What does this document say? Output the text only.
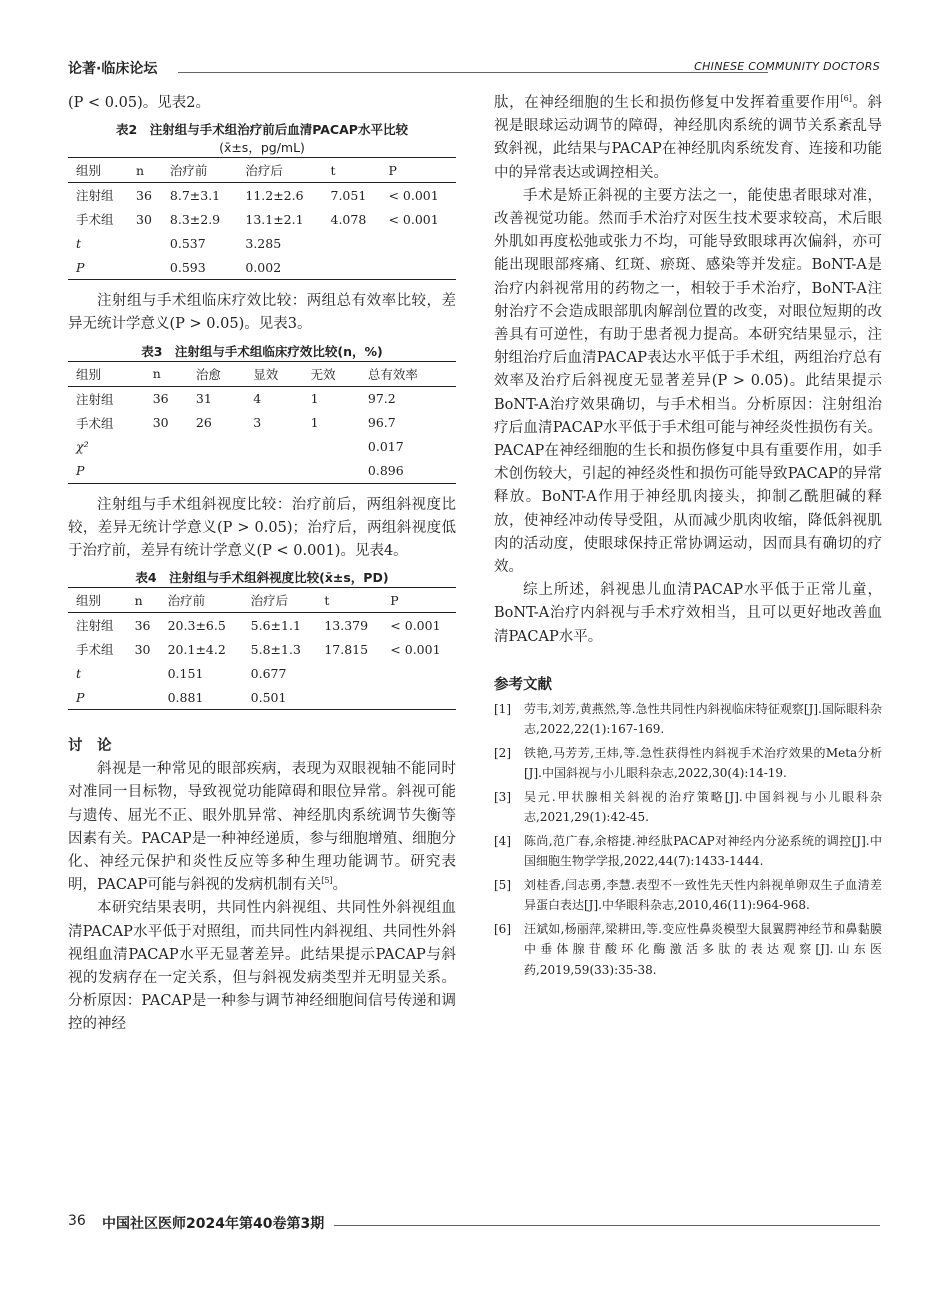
论著·临床论坛	CHINESE COMMUNITY DOCTORS

(P < 0.05)。见表2。

表2　注射组与手术组治疗前后血清PACAP水平比较
(x̄±s，pg/mL)
组别	n	治疗前	治疗后	t	P
注射组	36	8.7±3.1	11.2±2.6	7.051	< 0.001
手术组	30	8.3±2.9	13.1±2.1	4.078	< 0.001
t		0.537	3.285		
P		0.593	0.002		

注射组与手术组临床疗效比较：两组总有效率比较，差异无统计学意义(P > 0.05)。见表3。

表3　注射组与手术组临床疗效比较(n，%)
组别	n	治愈	显效	无效	总有效率
注射组	36	31	4	1	97.2
手术组	30	26	3	1	96.7
χ²					0.017
P					0.896

注射组与手术组斜视度比较：治疗前后，两组斜视度比较，差异无统计学意义(P > 0.05)；治疗后，两组斜视度低于治疗前，差异有统计学意义(P < 0.001)。见表4。

表4　注射组与手术组斜视度比较(x̄±s，PD)
组别	n	治疗前	治疗后	t	P
注射组	36	20.3±6.5	5.6±1.1	13.379	< 0.001
手术组	30	20.1±4.2	5.8±1.3	17.815	< 0.001
t		0.151	0.677		
P		0.881	0.501		
讨　论

斜视是一种常见的眼部疾病，表现为双眼视轴不能同时对准同一目标物，导致视觉功能障碍和眼位异常。斜视可能与遗传、屈光不正、眼外肌异常、神经肌肉系统调节失衡等因素有关。PACAP是一种神经递质，参与细胞增殖、细胞分化、神经元保护和炎性反应等多种生理功能调节。研究表明，PACAP可能与斜视的发病机制有关[5]。

本研究结果表明，共同性内斜视组、共同性外斜视组血清PACAP水平低于对照组，而共同性内斜视组、共同性外斜视组血清PACAP水平无显著差异。此结果提示PACAP与斜视的发病存在一定关系，但与斜视发病类型并无明显关系。分析原因：PACAP是一种参与调节神经细胞间信号传递和调控的神经

肽，在神经细胞的生长和损伤修复中发挥着重要作用[6]。斜视是眼球运动调节的障碍，神经肌肉系统的调节关系紊乱导致斜视，此结果与PACAP在神经肌肉系统发育、连接和功能中的异常表达或调控相关。

手术是矫正斜视的主要方法之一，能使患者眼球对准，改善视觉功能。然而手术治疗对医生技术要求较高，术后眼外肌如再度松弛或张力不均，可能导致眼球再次偏斜，亦可能出现眼部疼痛、红斑、瘀斑、感染等并发症。BoNT-A是治疗内斜视常用的药物之一，相较于手术治疗，BoNT-A注射治疗不会造成眼部肌肉解剖位置的改变，对眼位短期的改善具有可逆性，有助于患者视力提高。本研究结果显示，注射组治疗后血清PACAP表达水平低于手术组，两组治疗总有效率及治疗后斜视度无显著差异(P > 0.05)。此结果提示BoNT-A治疗效果确切，与手术相当。分析原因：注射组治疗后血清PACAP水平低于手术组可能与神经炎性损伤有关。PACAP在神经细胞的生长和损伤修复中具有重要作用，如手术创伤较大，引起的神经炎性和损伤可能导致PACAP的异常释放。BoNT-A作用于神经肌肉接头，抑制乙酰胆碱的释放，使神经冲动传导受阻，从而减少肌肉收缩，降低斜视肌肉的活动度，使眼球保持正常协调运动，因而具有确切的疗效。

综上所述，斜视患儿血清PACAP水平低于正常儿童，BoNT-A治疗内斜视与手术疗效相当，且可以更好地改善血清PACAP水平。

参考文献
[1]	劳韦,刘芳,黄燕然,等.急性共同性内斜视临床特征观察[J].国际眼科杂志,2022,22(1):167-169.
[2]	铁艳,马芳芳,王炜,等.急性获得性内斜视手术治疗效果的Meta分析[J].中国斜视与小儿眼科杂志,2022,30(4):14-19.
[3]	吴元.甲状腺相关斜视的治疗策略[J].中国斜视与小儿眼科杂志,2021,29(1):42-45.
[4]	陈尚,范广春,余榕捷.神经肽PACAP对神经内分泌系统的调控[J].中国细胞生物学学报,2022,44(7):1433-1444.
[5]	刘桂香,闫志勇,李慧.表型不一致性先天性内斜视单卵双生子血清差异蛋白表达[J].中华眼科杂志,2010,46(11):964-968.
[6]	汪斌如,杨丽萍,梁耕田,等.变应性鼻炎模型大鼠翼腭神经节和鼻黏膜中垂体腺苷酸环化酶激活多肽的表达观察[J].山东医药,2019,59(33):35-38.
36 中国社区医师2024年第40卷第3期
